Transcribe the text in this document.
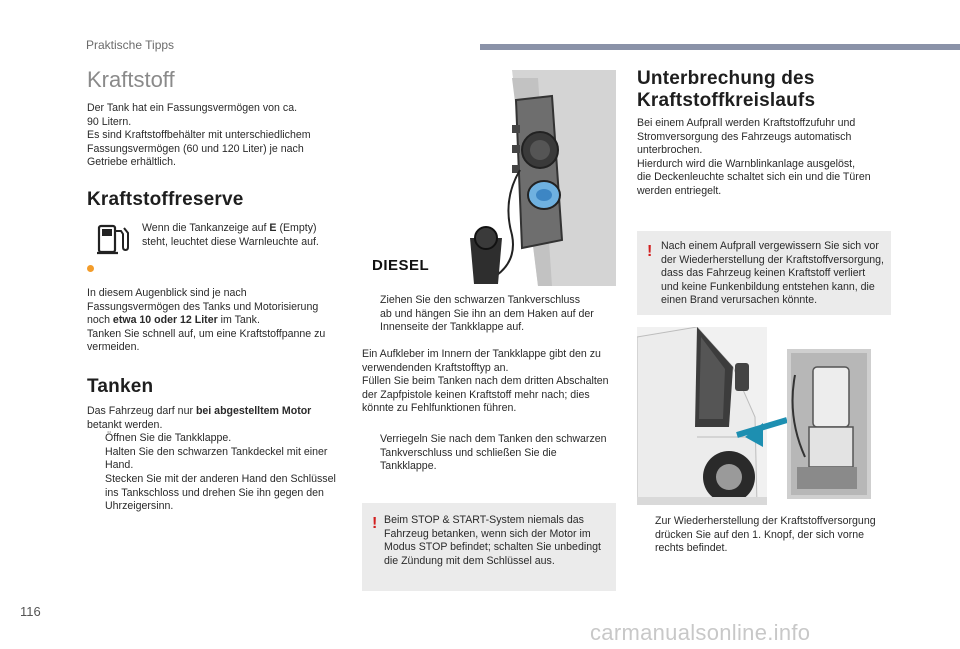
Praktische Tipps
Kraftstoff
Der Tank hat ein Fassungsvermögen von ca.
90 Litern.
Es sind Kraftstoffbehälter mit unterschiedlichem
Fassungsvermögen (60 und 120 Liter) je nach
Getriebe erhältlich.
Kraftstoffreserve
Wenn die Tankanzeige auf E (Empty)
steht, leuchtet diese Warnleuchte auf.
In diesem Augenblick sind je nach
Fassungsvermögen des Tanks und Motorisierung
noch etwa 10 oder 12 Liter im Tank.
Tanken Sie schnell auf, um eine Kraftstoffpanne zu
vermeiden.
Tanken
Das Fahrzeug darf nur bei abgestelltem Motor
betankt werden.
Öffnen Sie die Tankklappe.
Halten Sie den schwarzen Tankdeckel mit einer
Hand.
Stecken Sie mit der anderen Hand den Schlüssel
ins Tankschloss und drehen Sie ihn gegen den
Uhrzeigersinn.
DIESEL
Ziehen Sie den schwarzen Tankverschluss
ab und hängen Sie ihn an dem Haken auf der
Innenseite der Tankklappe auf.
Ein Aufkleber im Innern der Tankklappe gibt den zu
verwendenden Kraftstofftyp an.
Füllen Sie beim Tanken nach dem dritten Abschalten
der Zapfpistole keinen Kraftstoff mehr nach; dies
könnte zu Fehlfunktionen führen.
Verriegeln Sie nach dem Tanken den schwarzen
Tankverschluss und schließen Sie die
Tankklappe.
! Beim STOP & START-System niemals das
Fahrzeug betanken, wenn sich der Motor im
Modus STOP befindet; schalten Sie unbedingt
die Zündung mit dem Schlüssel aus.
Unterbrechung des
Kraftstoffkreislaufs
Bei einem Aufprall werden Kraftstoffzufuhr und
Stromversorgung des Fahrzeugs automatisch
unterbrochen.
Hierdurch wird die Warnblinkanlage ausgelöst,
die Deckenleuchte schaltet sich ein und die Türen
werden entriegelt.
! Nach einem Aufprall vergewissern Sie sich vor
der Wiederherstellung der Kraftstoffversorgung,
dass das Fahrzeug keinen Kraftstoff verliert
und keine Funkenbildung entstehen kann, die
einen Brand verursachen könnte.
Zur Wiederherstellung der Kraftstoffversorgung
drücken Sie auf den 1. Knopf, der sich vorne
rechts befindet.
116
carmanualsonline.info
